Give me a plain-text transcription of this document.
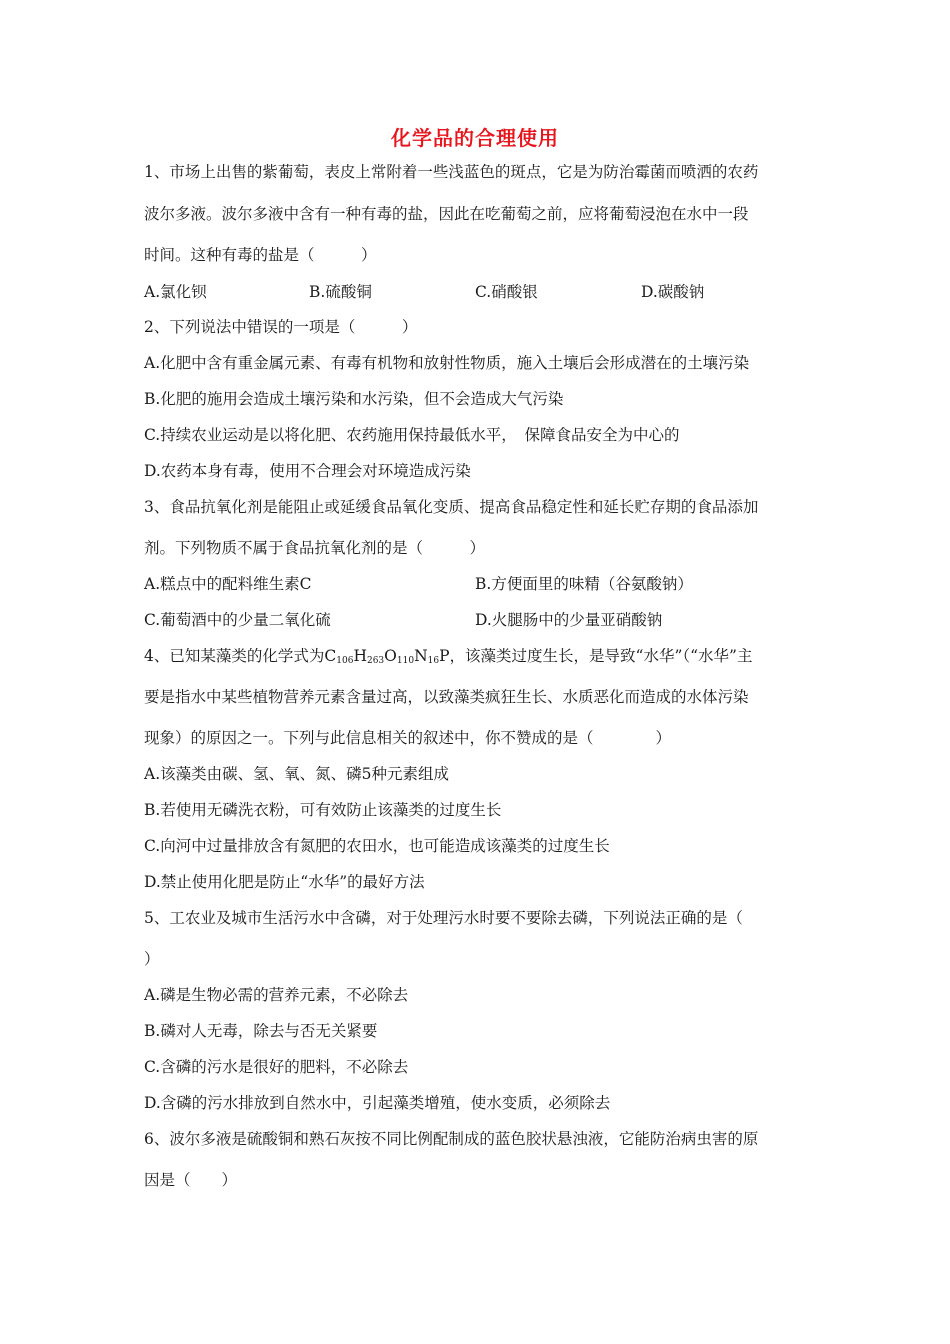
化学品的合理使用
1、市场上出售的紫葡萄，表皮上常附着一些浅蓝色的斑点，它是为防治霉菌而喷洒的农药
波尔多液。波尔多液中含有一种有毒的盐，因此在吃葡萄之前，应将葡萄浸泡在水中一段
时间。这种有毒的盐是（　　　）
A.氯化钡	B.硫酸铜	C.硝酸银	D.碳酸钠
2、下列说法中错误的一项是（　　　）
A.化肥中含有重金属元素、有毒有机物和放射性物质，施入土壤后会形成潜在的土壤污染
B.化肥的施用会造成土壤污染和水污染，但不会造成大气污染
C.持续农业运动是以将化肥、农药施用保持最低水平，　保障食品安全为中心的
D.农药本身有毒，使用不合理会对环境造成污染
3、食品抗氧化剂是能阻止或延缓食品氧化变质、提高食品稳定性和延长贮存期的食品添加
剂。下列物质不属于食品抗氧化剂的是（　　　）
A.糕点中的配料维生素C	B.方便面里的味精（谷氨酸钠）
C.葡萄酒中的少量二氧化硫	D.火腿肠中的少量亚硝酸钠
4、已知某藻类的化学式为$C_{106}H_{263}O_{110}N_{16}P$，该藻类过度生长，是导致“水华”（“水华”主
要是指水中某些植物营养元素含量过高，以致藻类疯狂生长、水质恶化而造成的水体污染
现象）的原因之一。下列与此信息相关的叙述中，你不赞成的是（　　　　）
A.该藻类由碳、氢、氧、氮、磷5种元素组成
B.若使用无磷洗衣粉，可有效防止该藻类的过度生长
C.向河中过量排放含有氮肥的农田水，也可能造成该藻类的过度生长
D.禁止使用化肥是防止“水华”的最好方法
5、工农业及城市生活污水中含磷，对于处理污水时要不要除去磷，下列说法正确的是（
）
A.磷是生物必需的营养元素，不必除去
B.磷对人无毒，除去与否无关紧要
C.含磷的污水是很好的肥料，不必除去
D.含磷的污水排放到自然水中，引起藻类增殖，使水变质，必须除去
6、波尔多液是硫酸铜和熟石灰按不同比例配制成的蓝色胶状悬浊液，它能防治病虫害的原
因是（　　）
